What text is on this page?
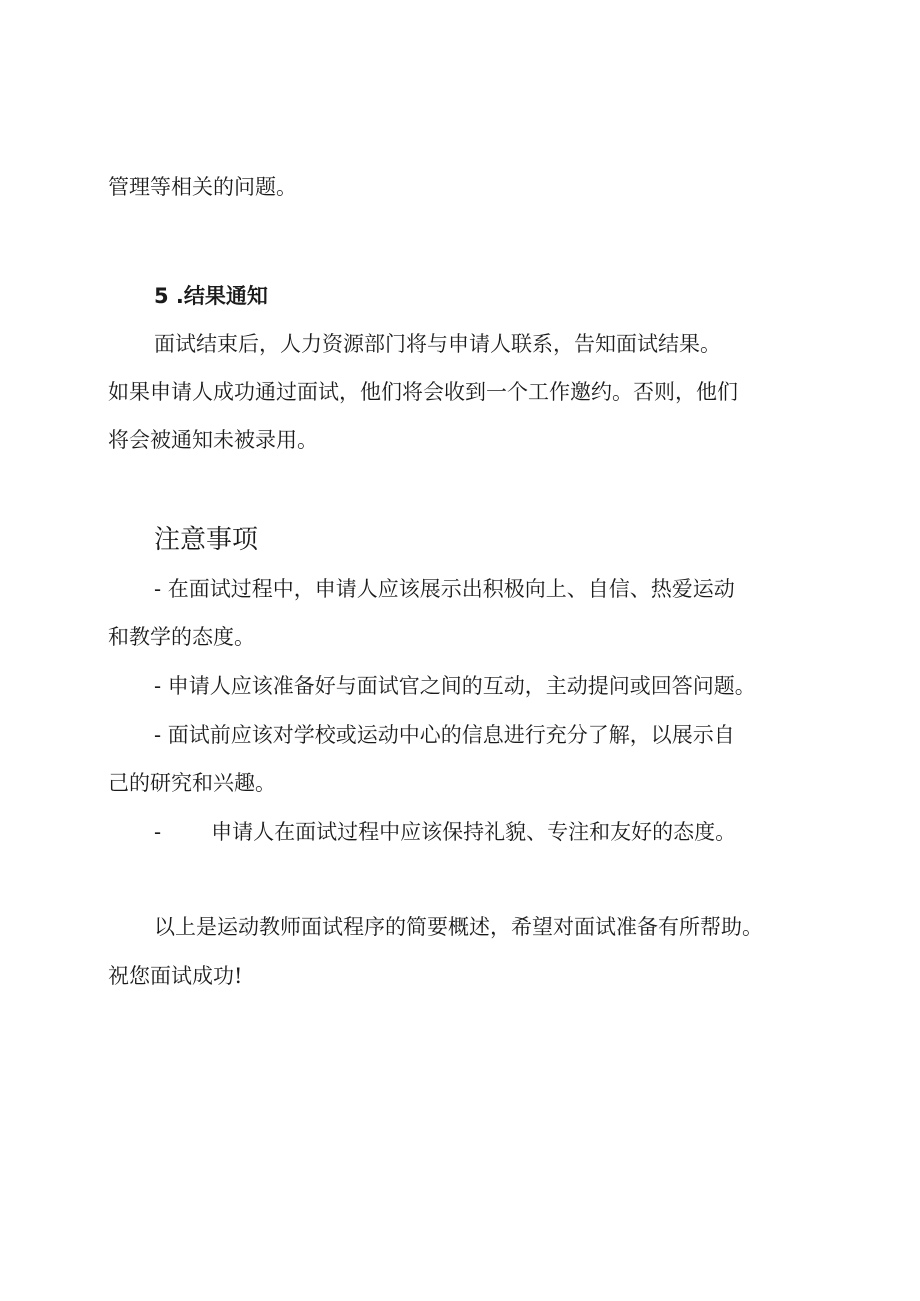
管理等相关的问题。
5 .结果通知
面试结束后，人力资源部门将与申请人联系，告知面试结果。
如果申请人成功通过面试，他们将会收到一个工作邀约。否则，他们
将会被通知未被录用。
注意事项
- 在面试过程中，申请人应该展示出积极向上、自信、热爱运动
和教学的态度。
- 申请人应该准备好与面试官之间的互动，主动提问或回答问题。
- 面试前应该对学校或运动中心的信息进行充分了解，以展示自
己的研究和兴趣。
- 申请人在面试过程中应该保持礼貌、专注和友好的态度。
以上是运动教师面试程序的简要概述，希望对面试准备有所帮助。
祝您面试成功!
